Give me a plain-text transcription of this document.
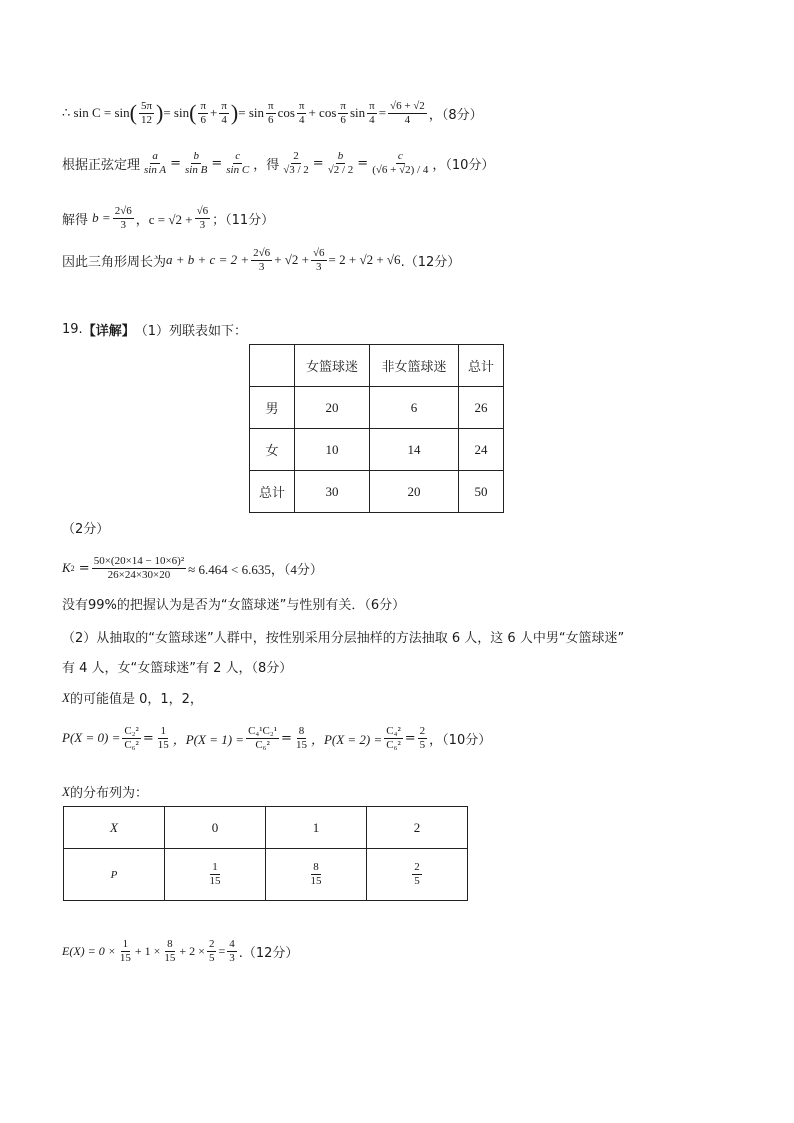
∴ sin C = sin ( $\frac{5\pi}{12}$ ) = sin ( $\frac{\pi}{6} + \frac{\pi}{4}$ ) = $\sin \frac{\pi}{6}$ $\cos \frac{\pi}{4} + \cos \frac{\pi}{6}$ $\sin \frac{\pi}{4} = \frac{√6 + √2}{4}$ ，（8分）
根据正弦定理 $\frac{a}{\text{sin A}} = \frac{b}{\text{sin B}} = \frac{c}{\text{sin C}}$ ，得 $\frac{2}{√3 / 2} = \frac{b}{√2 / 2} = \frac{c}{(√6 + √2) / 4}$ ，（10分）
解得
$b = \frac{2√6}{3}$ ，$c = √2 + \frac{√6}{3}$ ；（11分）
因此三角形周长为 $a + b + c = 2 + \frac{2√6}{3} + √2 + \frac{√6}{3} = 2 + √2 + √6$ .（12分）
19. 【详解】 （1）列联表如下：
	女篮球迷	非女篮球迷	总计
男	20	6	26
女	10	14	24
总计	30	20	50
（2分）
K $2 = \frac{\text{50×(20×14 − 10×6)²}}{26\times 24\times 30\times 20} \approx 6.464 < 6.635$，（4分）
没有99%的把握认为是否为“女篮球迷”与性别有关．（6分）
（2）从抽取的“女篮球迷”人群中，按性别采用分层抽样的方法抽取 6 人，这 6 人中男“女篮球迷”
有 4 人，女“女篮球迷”有 2 人，（8分）
X 的可能值是 0，1，2，
$P(X = 0) = \frac{\text{C₂²}}{\text{C₆²}} = \frac{1}{15}$ ，$P(X = 1) = \frac{\text{C₄¹C₂¹}}{\text{C₆²}} = \frac{8}{15}$ ，$P(X = 2) = \frac{\text{C₄²}}{\text{C₆²}} = \frac{2}{5}$ ，（10分）
X 的分布列为：
X	0	1	2
P	$\frac{1}{15}$	$\frac{8}{15}$	$\frac{2}{5}$
$E(X) = 0 \times \frac{1}{15} + 1 \times \frac{8}{15} + 2 \times \frac{2}{5} = \frac{4}{3} .(12$分）
